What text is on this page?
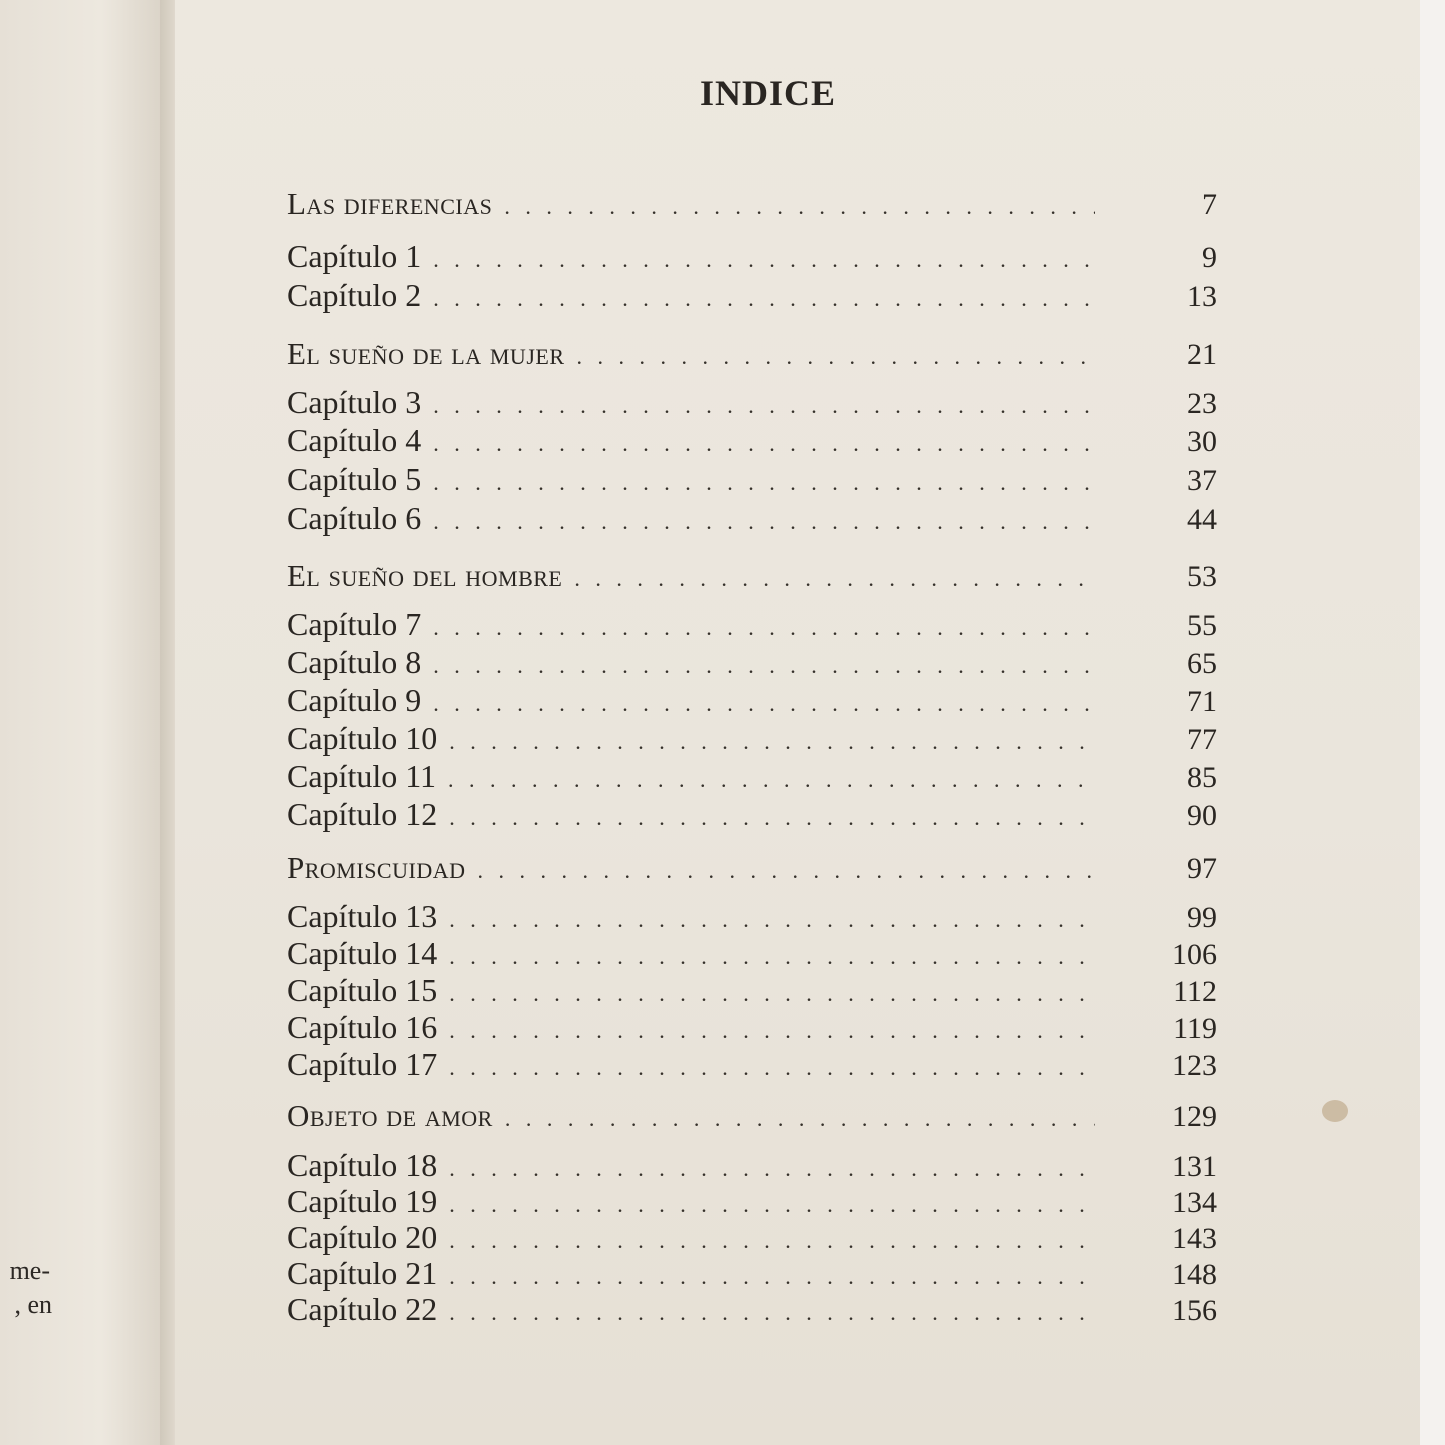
me-
, en
INDICE
Las diferencias . . .	7
Capítulo 1 . . .	9
Capítulo 2 . . .	13
El sueño de la mujer . . .	21
Capítulo 3 . . .	23
Capítulo 4 . . .	30
Capítulo 5 . . .	37
Capítulo 6 . . .	44
El sueño del hombre . . .	53
Capítulo 7 . . .	55
Capítulo 8 . . .	65
Capítulo 9 . . .	71
Capítulo 10 . . .	77
Capítulo 11 . . .	85
Capítulo 12 . . .	90
Promiscuidad . . .	97
Capítulo 13 . . .	99
Capítulo 14 . . .	106
Capítulo 15 . . .	112
Capítulo 16 . . .	119
Capítulo 17 . . .	123
Objeto de amor . . .	129
Capítulo 18 . . .	131
Capítulo 19 . . .	134
Capítulo 20 . . .	143
Capítulo 21 . . .	148
Capítulo 22 . . .	156
